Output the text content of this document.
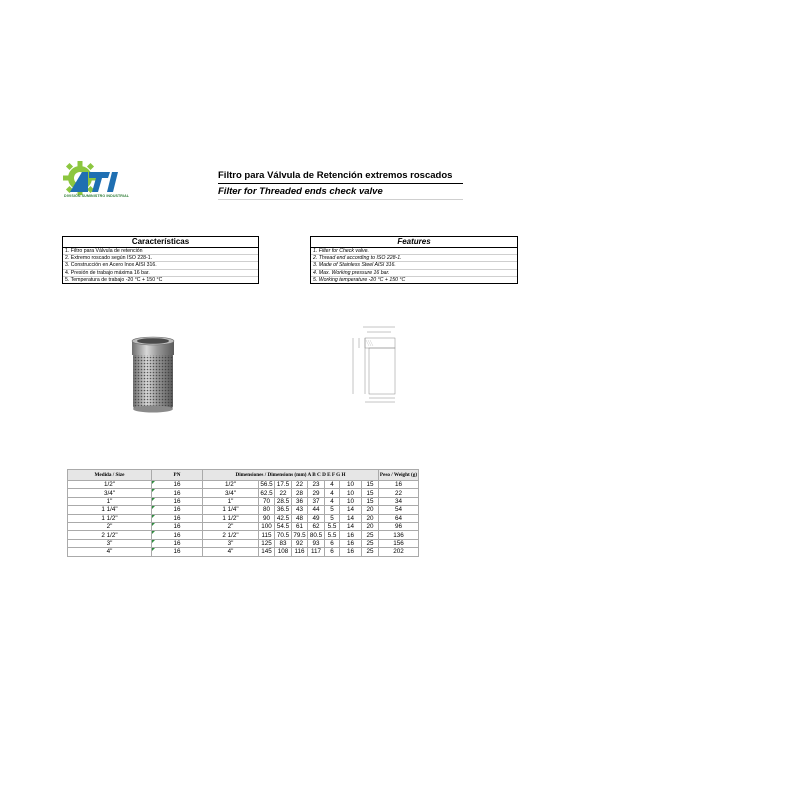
DIVISIÓN SUMINISTRO INDUSTRIAL
Filtro para Válvula de Retención extremos roscados
Filter for Threaded ends check valve
Características
1. Filtro para Válvula de retención
2. Extremo roscado según ISO 228-1.
3. Construcción en Acero Inox AISI 316.
4. Presión de trabajo máxima 16 bar.
5. Temperatura de trabajo -20 °C + 150 °C
Features
1. Filter for Check valve.
2. Thread end according to ISO 228-1.
3. Made of Stainless Steel AISI 316.
4. Max. Working pressure 16 bar.
5. Working temperature -20 °C + 150 °C
Medida / Size	PN	Dimensiones / Dimensions (mm) A B C D E F G H								Peso / Weight (g)
1/2"	16	1/2"	56.5	17.5	22	23	4	10	15	16
3/4"	16	3/4"	62.5	22	28	29	4	10	15	22
1"	16	1"	70	28.5	36	37	4	10	15	34
1 1/4"	16	1 1/4"	80	36.5	43	44	5	14	20	54
1 1/2"	16	1 1/2"	90	42.5	48	49	5	14	20	64
2"	16	2"	100	54.5	61	62	5.5	14	20	96
2 1/2"	16	2 1/2"	115	70.5	79.5	80.5	5.5	16	25	136
3"	16	3"	125	83	92	93	6	16	25	156
4"	16	4"	145	108	116	117	6	16	25	202
